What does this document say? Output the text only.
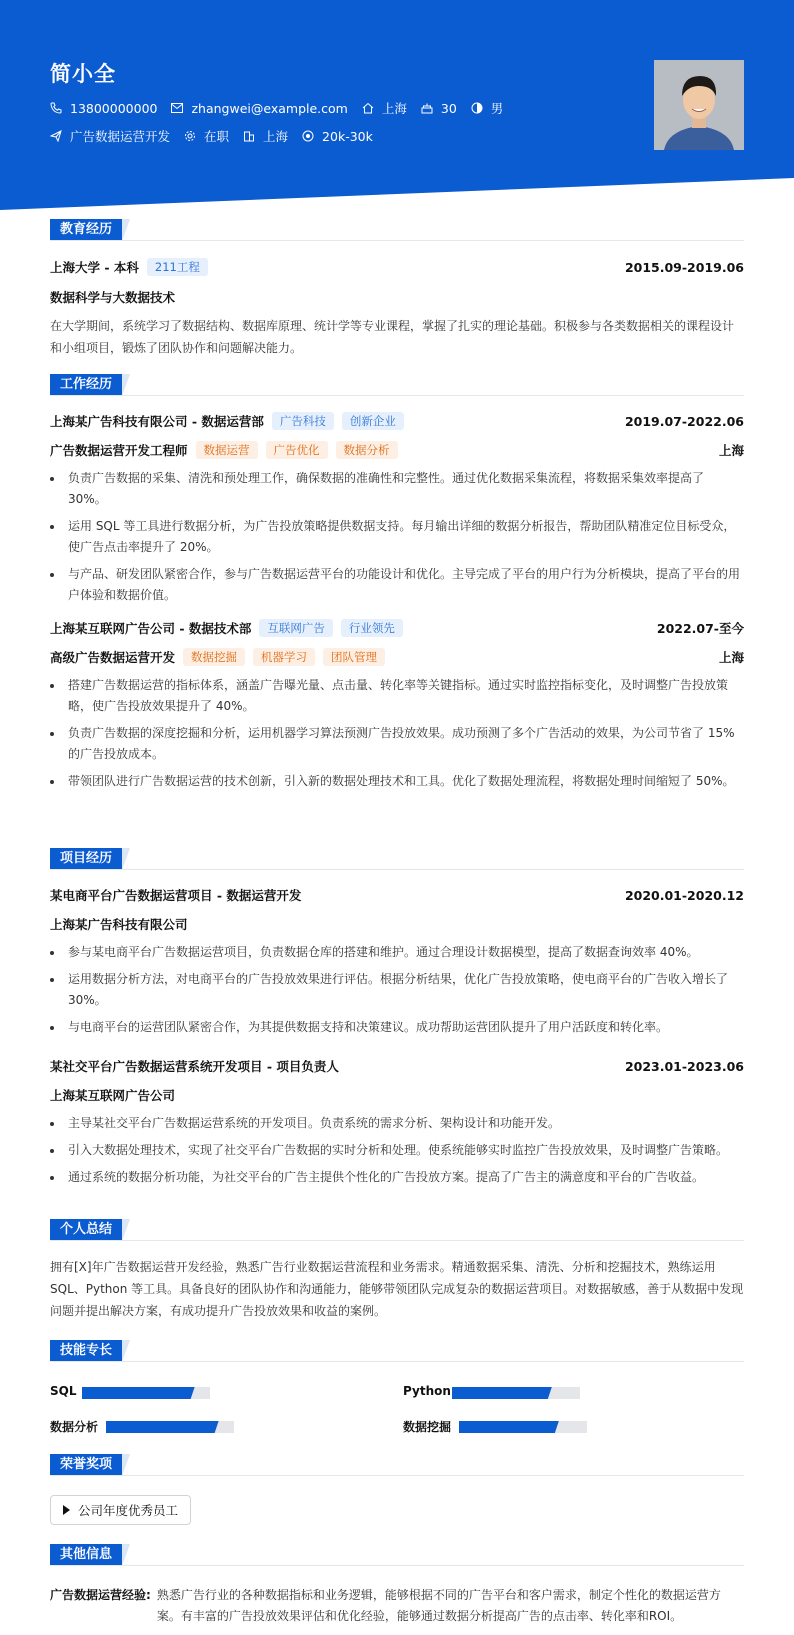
简小全
13800000000	zhangwei@example.com	上海	30	男
广告数据运营开发	在职	上海	20k-30k
教育经历
上海大学 - 本科	211工程	2015.09-2019.06
数据科学与大数据技术
在大学期间，系统学习了数据结构、数据库原理、统计学等专业课程，掌握了扎实的理论基础。积极参与各类数据相关的课程设计和小组项目，锻炼了团队协作和问题解决能力。
工作经历
上海某广告科技有限公司 - 数据运营部	广告科技	创新企业	2019.07-2022.06
广告数据运营开发工程师	数据运营	广告优化	数据分析	上海
负责广告数据的采集、清洗和预处理工作，确保数据的准确性和完整性。通过优化数据采集流程，将数据采集效率提高了 30%。
运用 SQL 等工具进行数据分析，为广告投放策略提供数据支持。每月输出详细的数据分析报告，帮助团队精准定位目标受众，使广告点击率提升了 20%。
与产品、研发团队紧密合作，参与广告数据运营平台的功能设计和优化。主导完成了平台的用户行为分析模块，提高了平台的用户体验和数据价值。
上海某互联网广告公司 - 数据技术部	互联网广告	行业领先	2022.07-至今
高级广告数据运营开发	数据挖掘	机器学习	团队管理	上海
搭建广告数据运营的指标体系，涵盖广告曝光量、点击量、转化率等关键指标。通过实时监控指标变化，及时调整广告投放策略，使广告投放效果提升了 40%。
负责广告数据的深度挖掘和分析，运用机器学习算法预测广告投放效果。成功预测了多个广告活动的效果，为公司节省了 15%的广告投放成本。
带领团队进行广告数据运营的技术创新，引入新的数据处理技术和工具。优化了数据处理流程，将数据处理时间缩短了 50%。
项目经历
某电商平台广告数据运营项目 - 数据运营开发	2020.01-2020.12
上海某广告科技有限公司
参与某电商平台广告数据运营项目，负责数据仓库的搭建和维护。通过合理设计数据模型，提高了数据查询效率 40%。
运用数据分析方法，对电商平台的广告投放效果进行评估。根据分析结果，优化广告投放策略，使电商平台的广告收入增长了 30%。
与电商平台的运营团队紧密合作，为其提供数据支持和决策建议。成功帮助运营团队提升了用户活跃度和转化率。
某社交平台广告数据运营系统开发项目 - 项目负责人	2023.01-2023.06
上海某互联网广告公司
主导某社交平台广告数据运营系统的开发项目。负责系统的需求分析、架构设计和功能开发。
引入大数据处理技术，实现了社交平台广告数据的实时分析和处理。使系统能够实时监控广告投放效果，及时调整广告策略。
通过系统的数据分析功能，为社交平台的广告主提供个性化的广告投放方案。提高了广告主的满意度和平台的广告收益。
个人总结
拥有[X]年广告数据运营开发经验，熟悉广告行业数据运营流程和业务需求。精通数据采集、清洗、分析和挖掘技术，熟练运用 SQL、Python 等工具。具备良好的团队协作和沟通能力，能够带领团队完成复杂的数据运营项目。对数据敏感，善于从数据中发现问题并提出解决方案，有成功提升广告投放效果和收益的案例。
技能专长
SQL	Python
数据分析	数据挖掘
荣誉奖项
公司年度优秀员工
其他信息
广告数据运营经验: 熟悉广告行业的各种数据指标和业务逻辑，能够根据不同的广告平台和客户需求，制定个性化的数据运营方案。有丰富的广告投放效果评估和优化经验，能够通过数据分析提高广告的点击率、转化率和ROI。
